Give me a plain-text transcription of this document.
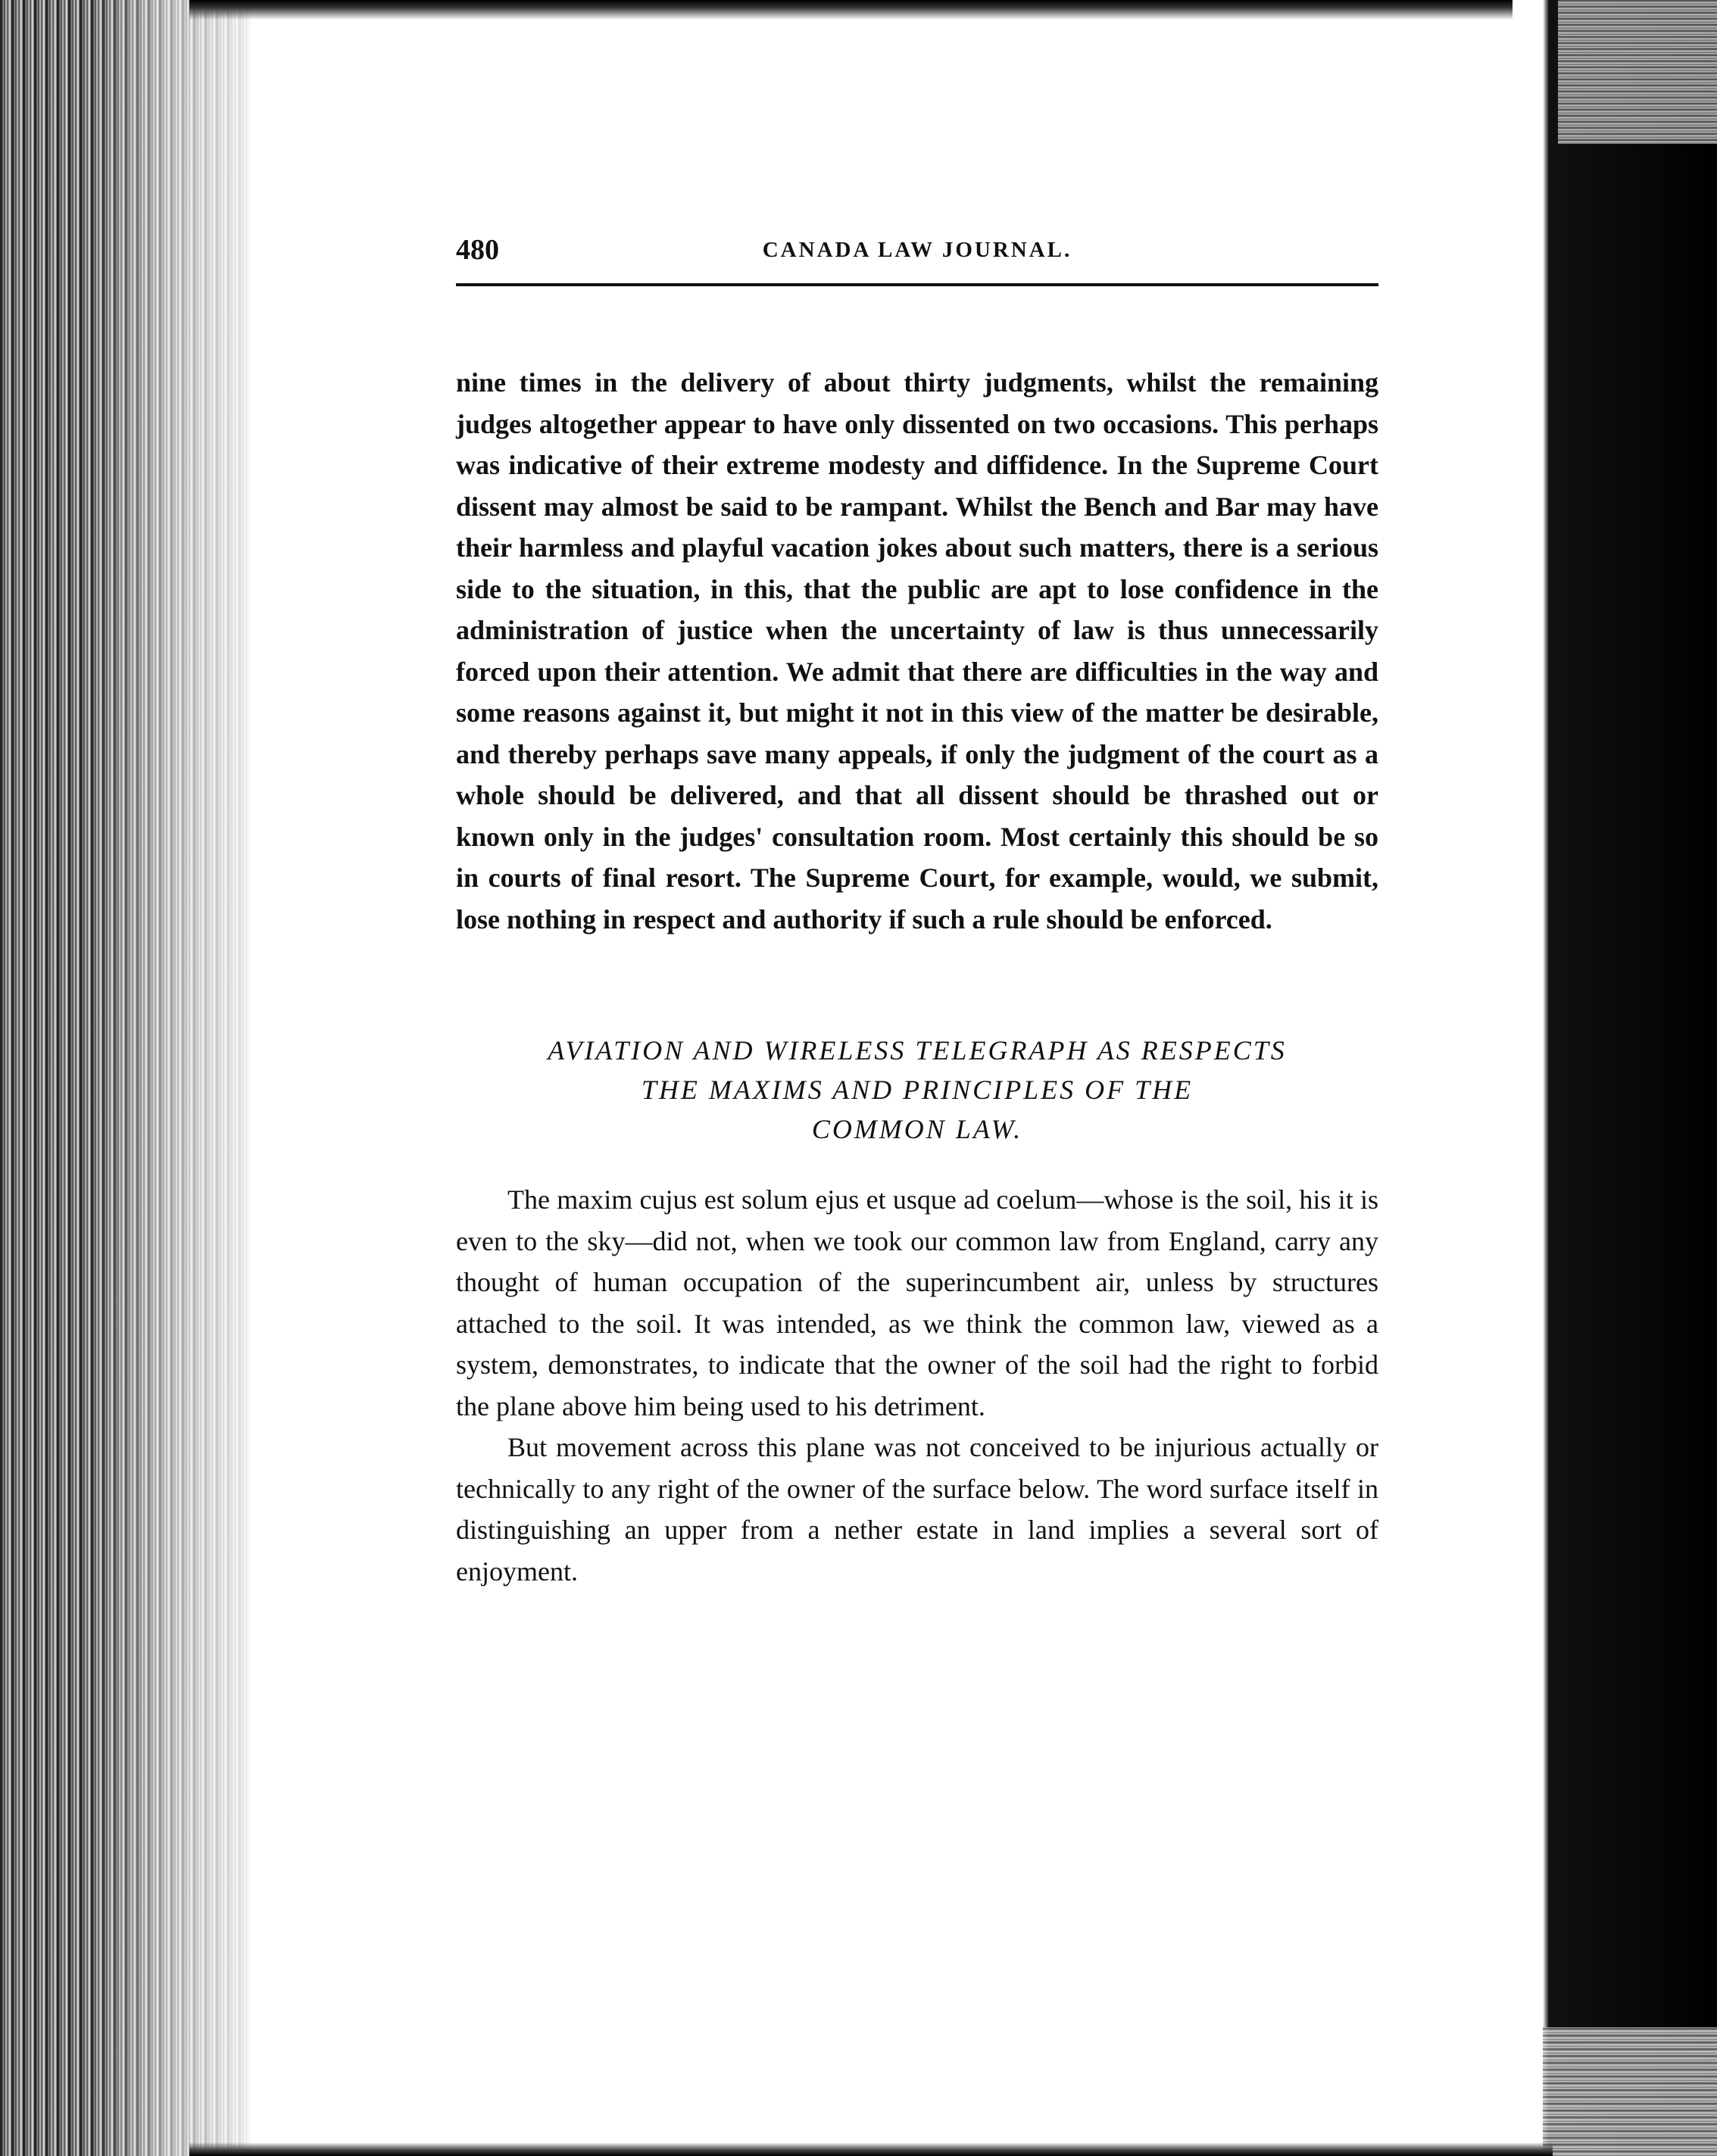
480	CANADA LAW JOURNAL.

nine times in the delivery of about thirty judgments, whilst the remaining judges altogether appear to have only dissented on two occasions. This perhaps was indicative of their extreme modesty and diffidence. In the Supreme Court dissent may almost be said to be rampant. Whilst the Bench and Bar may have their harmless and playful vacation jokes about such matters, there is a serious side to the situation, in this, that the public are apt to lose confidence in the administration of justice when the uncertainty of law is thus unnecessarily forced upon their attention. We admit that there are difficulties in the way and some reasons against it, but might it not in this view of the matter be desirable, and thereby perhaps save many appeals, if only the judgment of the court as a whole should be delivered, and that all dissent should be thrashed out or known only in the judges' consultation room. Most certainly this should be so in courts of final resort. The Supreme Court, for example, would, we submit, lose nothing in respect and authority if such a rule should be enforced.

AVIATION AND WIRELESS TELEGRAPH AS RESPECTS
THE MAXIMS AND PRINCIPLES OF THE
COMMON LAW.

The maxim cujus est solum ejus et usque ad coelum—whose is the soil, his it is even to the sky—did not, when we took our common law from England, carry any thought of human occupation of the superincumbent air, unless by structures attached to the soil. It was intended, as we think the common law, viewed as a system, demonstrates, to indicate that the owner of the soil had the right to forbid the plane above him being used to his detriment.

But movement across this plane was not conceived to be injurious actually or technically to any right of the owner of the surface below. The word surface itself in distinguishing an upper from a nether estate in land implies a several sort of enjoyment.
